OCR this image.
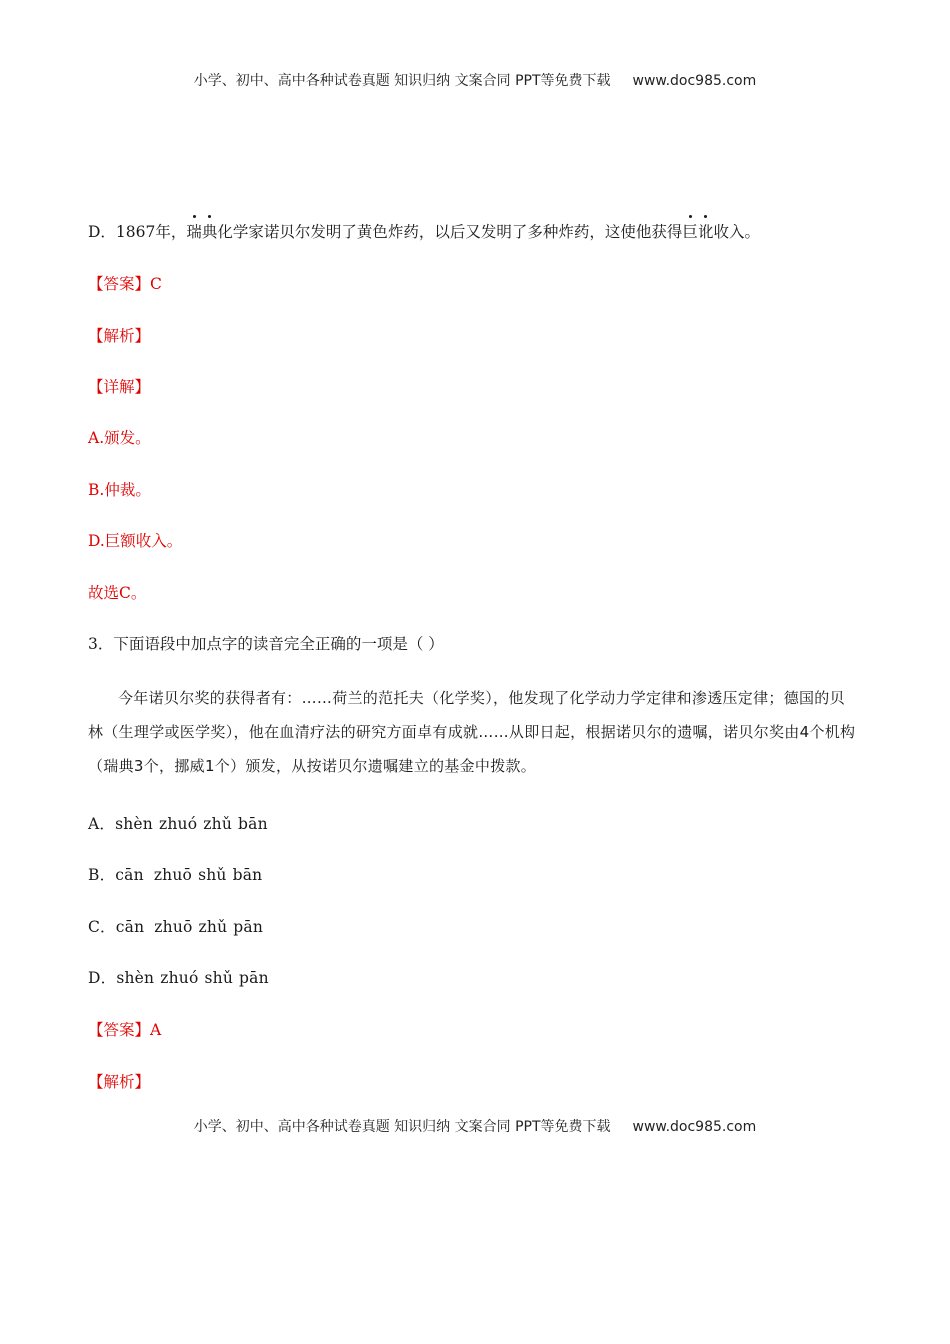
小学、初中、高中各种试卷真题 知识归纳 文案合同 PPT等免费下载 www.doc985.com
D．1867年，瑞典化学家诺贝尔发明了黄色炸药，以后又发明了多种炸药，这使他获得巨讹收入。
【答案】C
【解析】
【详解】
A.颁发。
B.仲裁。
D.巨额收入。
故选C。
3．下面语段中加点字的读音完全正确的一项是（ ）
今年诺贝尔奖的获得者有：……荷兰的范托夫（化学奖），他发现了化学动力学定律和渗透压定律；德国的贝林（生理学或医学奖），他在血清疗法的研究方面卓有成就……从即日起，根据诺贝尔的遗嘱，诺贝尔奖由4个机构（瑞典3个，挪威1个）颁发，从按诺贝尔遗嘱建立的基金中拨款。
A．shèn zhuó zhǔ bān
B．cān zhuō shǔ bān
C．cān zhuō zhǔ pān
D．shèn zhuó shǔ pān
【答案】A
【解析】
小学、初中、高中各种试卷真题 知识归纳 文案合同 PPT等免费下载 www.doc985.com
